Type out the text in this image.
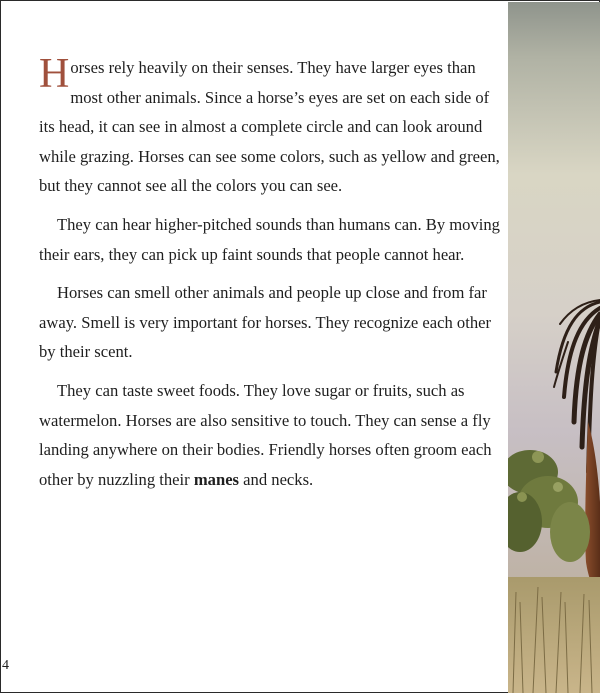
Horses rely heavily on their senses. They have larger eyes than most other animals. Since a horse’s eyes are set on each side of its head, it can see in almost a complete circle and can look around while grazing. Horses can see some colors, such as yellow and green, but they cannot see all the colors you can see.

They can hear higher-pitched sounds than humans can. By moving their ears, they can pick up faint sounds that people cannot hear.

Horses can smell other animals and people up close and from far away. Smell is very important for horses. They recognize each other by their scent.

They can taste sweet foods. They love sugar or fruits, such as watermelon. Horses are also sensitive to touch. They can sense a fly landing anywhere on their bodies. Friendly horses often groom each other by nuzzling their manes and necks.

4
